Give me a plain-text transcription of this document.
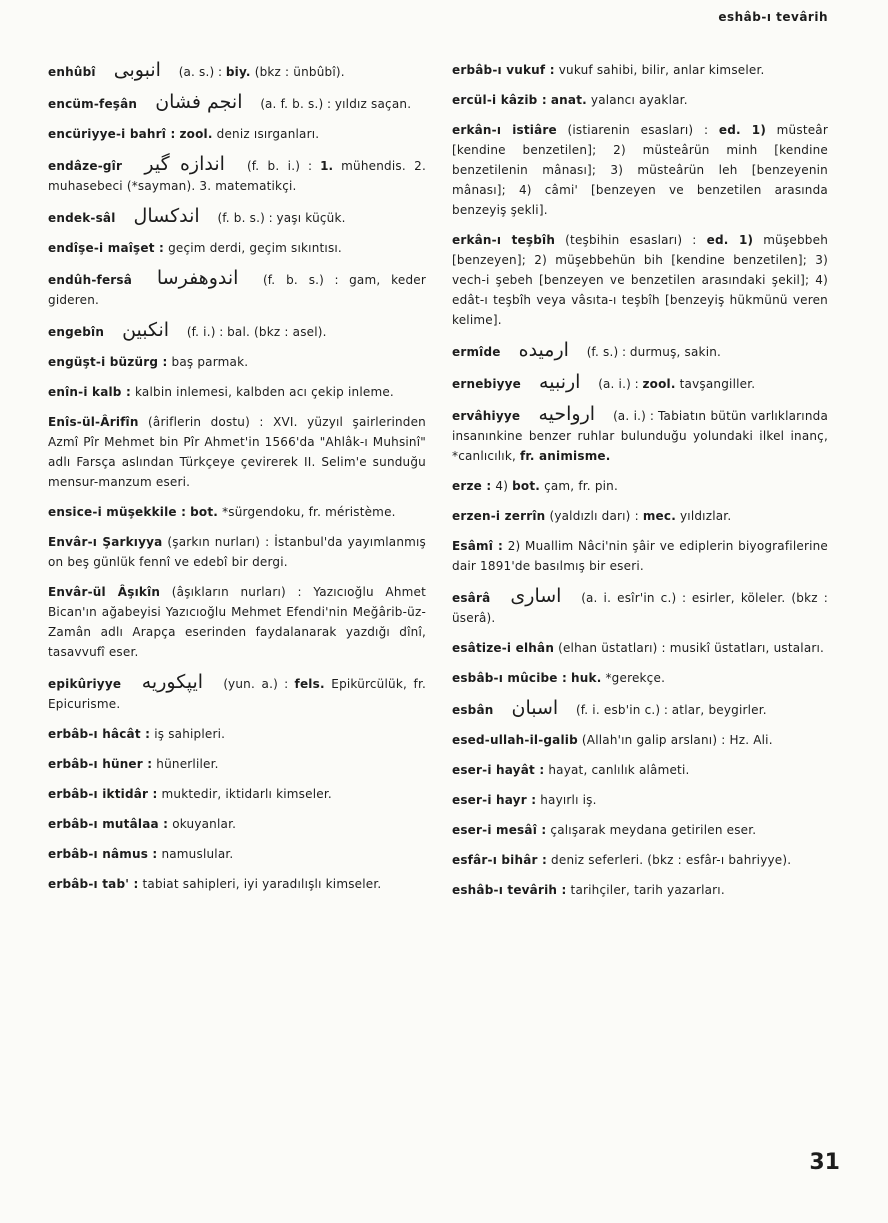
eshâb-ı tevârih
enhûbî انبوبى (a. s.) : biy. (bkz : ünbûbî).
encüm-feşân انجم فشان (a. f. b. s.) : yıldız saçan.
encüriyye-i bahrî : zool. deniz ısırganları.
endâze-gîr اندازه گير (f. b. i.) : 1. mühendis. 2. muhasebeci (*sayman). 3. matematikçi.
endek-sâl اندكسال (f. b. s.) : yaşı küçük.
endîşe-i maîşet : geçim derdi, geçim sıkıntısı.
endûh-fersâ اندوهفرسا (f. b. s.) : gam, keder gideren.
engebîn انكبين (f. i.) : bal. (bkz : asel).
engüşt-i büzürg : baş parmak.
enîn-i kalb : kalbin inlemesi, kalbden acı çekip inleme.
Enîs-ül-Ârifîn (âriflerin dostu) : XVI. yüzyıl şairlerinden Azmî Pîr Mehmet bin Pîr Ahmet'in 1566'da "Ahlâk-ı Muhsinî" adlı Farsça aslından Türkçeye çevirerek II. Selim'e sunduğu mensur-manzum eseri.
ensice-i müşekkile : bot. *sürgendoku, fr. méristème.
Envâr-ı Şarkıyya (şarkın nurları) : İstanbul'da yayımlanmış on beş günlük fennî ve edebî bir dergi.
Envâr-ül Âşıkîn (âşıkların nurları) : Yazıcıoğlu Ahmet Bican'ın ağabeyisi Yazıcıoğlu Mehmet Efendi'nin Meğârib-üz-Zamân adlı Arapça eserinden faydalanarak yazdığı dînî, tasavvufî eser.
epikûriyye ايپكوريه (yun. a.) : fels. Epikürcülük, fr. Epicurisme.
erbâb-ı hâcât : iş sahipleri.
erbâb-ı hüner : hünerliler.
erbâb-ı iktidâr : muktedir, iktidarlı kimseler.
erbâb-ı mutâlaa : okuyanlar.
erbâb-ı nâmus : namuslular.
erbâb-ı tab' : tabiat sahipleri, iyi yaradılışlı kimseler.
erbâb-ı vukuf : vukuf sahibi, bilir, anlar kimseler.
ercül-i kâzib : anat. yalancı ayaklar.
erkân-ı istiâre (istiarenin esasları) : ed. 1) müsteâr [kendine benzetilen]; 2) müsteârün minh [kendine benzetilenin mânası]; 3) müsteârün leh [benzeyenin mânası]; 4) câmi' [benzeyen ve benzetilen arasında benzeyiş şekli].
erkân-ı teşbîh (teşbihin esasları) : ed. 1) müşebbeh [benzeyen]; 2) müşebbehün bih [kendine benzetilen]; 3) vech-i şebeh [benzeyen ve benzetilen arasındaki şekil]; 4) edât-ı teşbîh veya vâsıta-ı teşbîh [benzeyiş hükmünü veren kelime].
ermîde ارميده (f. s.) : durmuş, sakin.
ernebiyye ارنبيه (a. i.) : zool. tavşangiller.
ervâhiyye ارواحيه (a. i.) : Tabiatın bütün varlıklarında insanınkine benzer ruhlar bulunduğu yolundaki ilkel inanç, *canlıcılık, fr. animisme.
erze : 4) bot. çam, fr. pin.
erzen-i zerrîn (yaldızlı darı) : mec. yıldızlar.
Esâmî : 2) Muallim Nâci'nin şâir ve ediplerin biyografilerine dair 1891'de basılmış bir eseri.
esârâ اسارى (a. i. esîr'in c.) : esirler, köleler. (bkz : üserâ).
esâtize-i elhân (elhan üstatları) : musikî üstatları, ustaları.
esbâb-ı mûcibe : huk. *gerekçe.
esbân اسبان (f. i. esb'in c.) : atlar, beygirler.
esed-ullah-il-galib (Allah'ın galip arslanı) : Hz. Ali.
eser-i hayât : hayat, canlılık alâmeti.
eser-i hayr : hayırlı iş.
eser-i mesâî : çalışarak meydana getirilen eser.
esfâr-ı bihâr : deniz seferleri. (bkz : esfâr-ı bahriyye).
eshâb-ı tevârih : tarihçiler, tarih yazarları.
31
